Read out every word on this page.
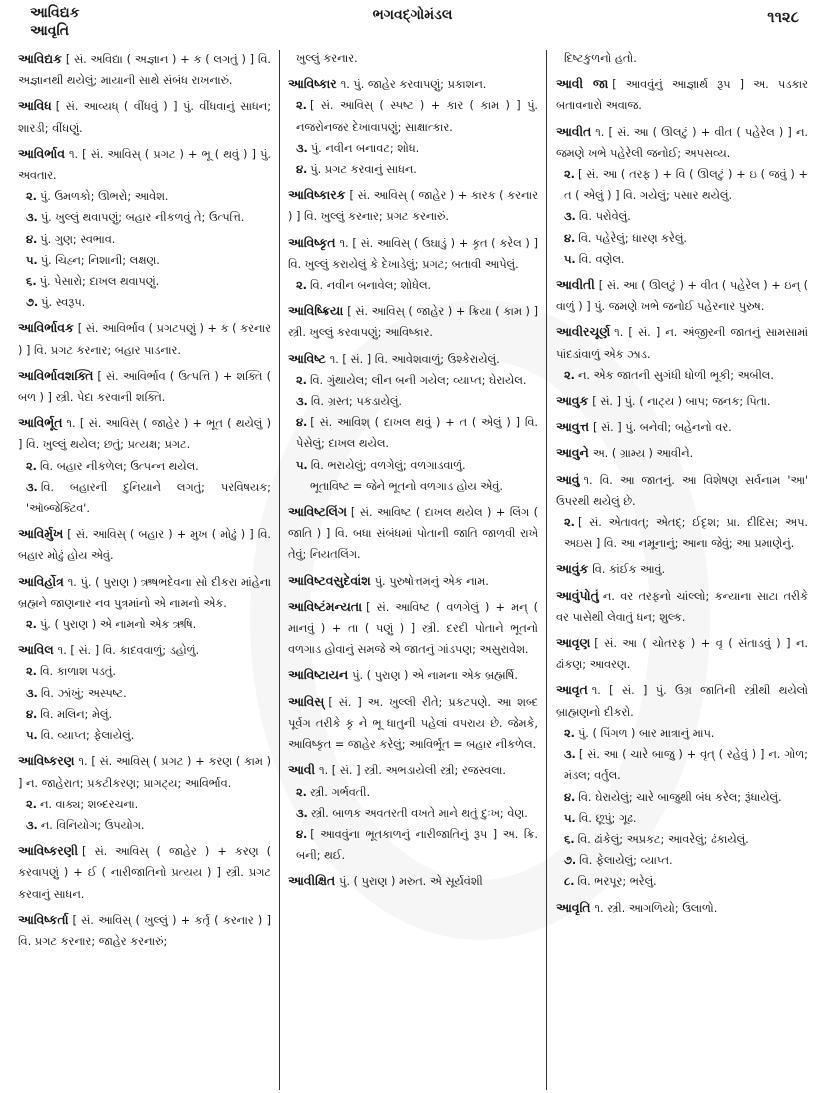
આવિદ્યક
આવૃતિ
ભગવદ્ગોમંડલ	૧૧૨૮
આવિદ્યક [ સં. અવિદ્યા ( અજ્ઞાન ) + ક ( લગતું ) ] વિ. અજ્ઞાનથી થયેલું; માયાની સાથે સંબંધ રાખનારું.
આવિધ [ સં. આવ્યધ્ ( વીંધવું ) ] પું. વીંધવાનું સાધન; શારડી; વીંધણું.
આવિર્ભાવ ૧. [ સં. આવિસ્ ( પ્રગટ ) + ભૂ ( થવું ) ] પું. અવતાર.
૨. પું. ઉમળકો; ઊભરો; આવેશ.
૩. પું. ખુલ્લું થવાપણું; બહાર નીકળવું તે; ઉત્પત્તિ.
૪. પું. ગુણ; સ્વભાવ.
૫. પું. ચિહ્ન; નિશાની; લક્ષણ.
૬. પું. પેસારો; દાખલ થવાપણું.
૭. પું. સ્વરૂપ.
આવિર્ભાવક [ સં. આવિર્ભાવ ( પ્રગટપણું ) + ક ( કરનાર ) ] વિ. પ્રગટ કરનાર; બહાર પાડનાર.
આવિર્ભાવશક્તિ [ સં. આવિર્ભાવ ( ઉત્પત્તિ ) + શક્તિ ( બળ ) ] સ્ત્રી. પેદા કરવાની શક્તિ.
આવિર્ભૂત ૧. [ સં. આવિસ્ ( જાહેર ) + ભૂત ( થયેલું ) ] વિ. ખુલ્લું થયેલ; છતું; પ્રત્યક્ષ; પ્રગટ.
૨. વિ. બહાર નીકળેલ; ઉત્પન્ન થયેલ.
૩. વિ. બહારની દુનિયાને લગતું; પરવિષયક; 'ઑબ્જેક્ટિવ'.
આવિર્મુખ [ સં. આવિસ્ ( બહાર ) + મુખ ( મોઢું ) ] વિ. બહાર મોઢું હોય એવું.
આવિર્હોત્ર ૧. પું. ( પુરાણ ) ઋષભદેવના સો દીકરા માંહેના બ્રહ્મને જાણનાર નવ પુત્રમાંનો એ નામનો એક.
૨. પું. ( પુરાણ ) એ નામનો એક ઋષિ.
આવિલ ૧. [ સં. ] વિ. કાદવવાળું; ડહોળું.
૨. વિ. કાળાશ પડતું.
૩. વિ. ઝાંખું; અસ્પષ્ટ.
૪. વિ. મલિન; મેલું.
૫. વિ. વ્યાપ્ત; ફેલાયેલું.
આવિષ્કરણ ૧. [ સં. આવિસ્ ( પ્રગટ ) + કરણ ( કામ ) ] ન. જાહેરાત; પ્રકટીકરણ; પ્રાગટ્ય; આવિર્ભાવ.
૨. ન. વાક્ય; શબ્દરચના.
૩. ન. વિનિયોગ; ઉપયોગ.
આવિષ્કરણી [ સં. આવિસ્ ( જાહેર ) + કરણ ( કરવાપણું ) + ઈ ( નારીજાતિનો પ્રત્યય ) ] સ્ત્રી. પ્રગટ કરવાનું સાધન.
આવિષ્કર્તા [ સં. આવિસ્ ( ખુલ્લું ) + કર્તૃ ( કરનાર ) ] વિ. પ્રગટ કરનાર; જાહેર કરનારું;
ખુલ્લું કરનાર.
આવિષ્કાર ૧. પું. જાહેર કરવાપણું; પ્રકાશન.
૨. [ સં. આવિસ્ ( સ્પષ્ટ ) + કાર ( કામ ) ] પું. નજરોનજર દેખાવાપણું; સાક્ષાત્કાર.
૩. પું. નવીન બનાવટ; શોધ.
૪. પું. પ્રગટ કરવાનું સાધન.
આવિષ્કારક [ સં. આવિસ્ ( જાહેર ) + કારક ( કરનાર ) ] વિ. ખુલ્લું કરનાર; પ્રગટ કરનારું.
આવિષ્કૃત ૧. [ સં. આવિસ્ ( ઉઘાડું ) + કૃત ( કરેલ ) ] વિ. ખુલ્લું કરાયેલું કે દેખાડેલું; પ્રગટ; બતાવી આપેલું.
૨. વિ. નવીન બનાવેલ; શોધેલ.
આવિષ્ક્રિયા [ સં. આવિસ્ ( જાહેર ) + ક્રિયા ( કામ ) ] સ્ત્રી. ખુલ્લું કરવાપણું; આવિષ્કાર.
આવિષ્ટ ૧. [ સં. ] વિ. આવેશવાળું; ઉશ્કેરાયેલું.
૨. વિ. ગુંથાયેલ; લીન બની ગયેલ; વ્યાપ્ત; ઘેરાયેલ.
૩. વિ. ગ્રસ્ત; પકડાયેલું.
૪. [ સં. આવિશ્ ( દાખલ થવું ) + ત ( એલું ) ] વિ. પેસેલું; દાખલ થયેલ.
૫. વિ. ભરાયેલું; વળગેલું; વળગાડવાળું.
ભૂતાવિષ્ટ = જેને ભૂતનો વળગાડ હોય એવું.
આવિષ્ટલિંગ [ સં. આવિષ્ટ ( દાખલ થયેલ ) + લિંગ ( જાતિ ) ] વિ. બધા સંબંધમાં પોતાની જાતિ જાળવી રાખે તેવું; નિયતલિંગ.
આવિષ્ટવસુદેવાંશ પું. પુરુષોત્તમનું એક નામ.
આવિષ્ટંમન્યતા [ સં. આવિષ્ટ ( વળગેલું ) + મન્ ( માનવું ) + તા ( પણું ) ] સ્ત્રી. દરદી પોતાને ભૂતનો વળગાડ હોવાનું સમજે એ જાતનું ગાંડપણ; અસુરાવેશ.
આવિષ્ટાયન પું. ( પુરાણ ) એ નામના એક બ્રહ્મર્ષિ.
આવિસ્ [ સં. ] અ. ખુલ્લી રીતે; પ્રકટપણે. આ શબ્દ પૂર્વગ તરીકે કૃ ને ભૂ ધાતુની પહેલાં વપરાય છે. જેમકે, આવિષ્કૃત = જાહેર કરેલું; આવિર્ભૂત = બહાર નીકળેલ.
આવી ૧. [ સં. ] સ્ત્રી. અભડાયેલી સ્ત્રી; રજસ્વલા.
૨. સ્ત્રી. ગર્ભવતી.
૩. સ્ત્રી. બાળક અવતરતી વખતે માને થતું દુઃખ; વેણ.
૪. [ આવવુંના ભૂતકાળનું નારીજાતિનું રૂપ ] અ. ક્રિ. બની; થઈ.
આવીક્ષિત પું. ( પુરાણ ) મરુત. એ સૂર્યવંશી
દિષ્ટકુળનો હતો.
આવી જા [ આવવુંનું આજ્ઞાર્થ રૂપ ] અ. પડકાર બતાવનારો અવાજ.
આવીત ૧. [ સં. આ ( ઊલટું ) + વીત ( પહેરેલ ) ] ન. જમણે ખભે પહેરેલી જનોઈ; અપસવ્ય.
૨. [ સં. આ ( તરફ ) + વિ ( ઊલટું ) + ઇ ( જવું ) + ત ( એલું ) ] વિ. ગયેલું; પસાર થયેલું.
૩. વિ. પરોવેલું.
૪. વિ. પહેરેલું; ધારણ કરેલું.
૫. વિ. વણેલ.
આવીતી [ સં. આ ( ઊલટું ) + વીત ( પહેરેલ ) + ઇન્ ( વાળું ) ] પું. જમણે ખભે જનોઈ પહેરનાર પુરુષ.
આવીરચૂર્ણ ૧. [ સં. ] ન. અંજીરની જાતનું સામસામાં પાંદડાંવાળું એક ઝાડ.
૨. ન. એક જાતની સુગંધી ધોળી ભૂકી; અબીલ.
આવુક [ સં. ] પું. ( નાટ્ય ) બાપ; જનક; પિતા.
આવુત્ત [ સં. ] પું. બનેવી; બહેનનો વર.
આવુને અ. ( ગ્રામ્ય ) આવીને.
આવું ૧. વિ. આ જાતનું. આ વિશેષણ સર્વનામ 'આ' ઉપરથી થયેલું છે.
૨. [ સં. એતાવત્; એતદ્; ઈદૃશ; પ્રા. દીદિસ; અપ. અઇસ ] વિ. આ નમૂનાનું; આના જેવું; આ પ્રમાણેનું.
આવુંક વિ. કાંઈક આવું.
આવુંપોતું ન. વર તરફનો ચાંલ્લો; કન્યાના સાટા તરીકે વર પાસેથી લેવાતું ધન; શુલ્ક.
આવૃણ [ સં. આ ( ચોતરફ ) + વૃ ( સંતાડવું ) ] ન. ઢાંકણ; આવરણ.
આવૃત ૧. [ સં. ] પું. ઉગ્ર જાતિની સ્ત્રીથી થયેલો બ્રાહ્મણનો દીકરો.
૨. પું. ( પિંગળ ) બાર માત્રાનું માપ.
૩. [ સં. આ ( ચારે બાજુ ) + વૃત્ ( રહેવું ) ] ન. ગોળ; મંડલ; વર્તુલ.
૪. વિ. ઘેરાયેલું; ચારે બાજુથી બંધ કરેલ; રૂંધાયેલું.
૫. વિ. છૂપું; ગૂઢ.
૬. વિ. ઢાંકેલું; અપ્રકટ; આવરેલું; ઢંકાયેલું.
૭. વિ. ફેલાયેલું; વ્યાપ્ત.
૮. વિ. ભરપૂર; ભરેલું.
આવૃતિ ૧. સ્ત્રી. આગળિયો; ઉલાળો.
